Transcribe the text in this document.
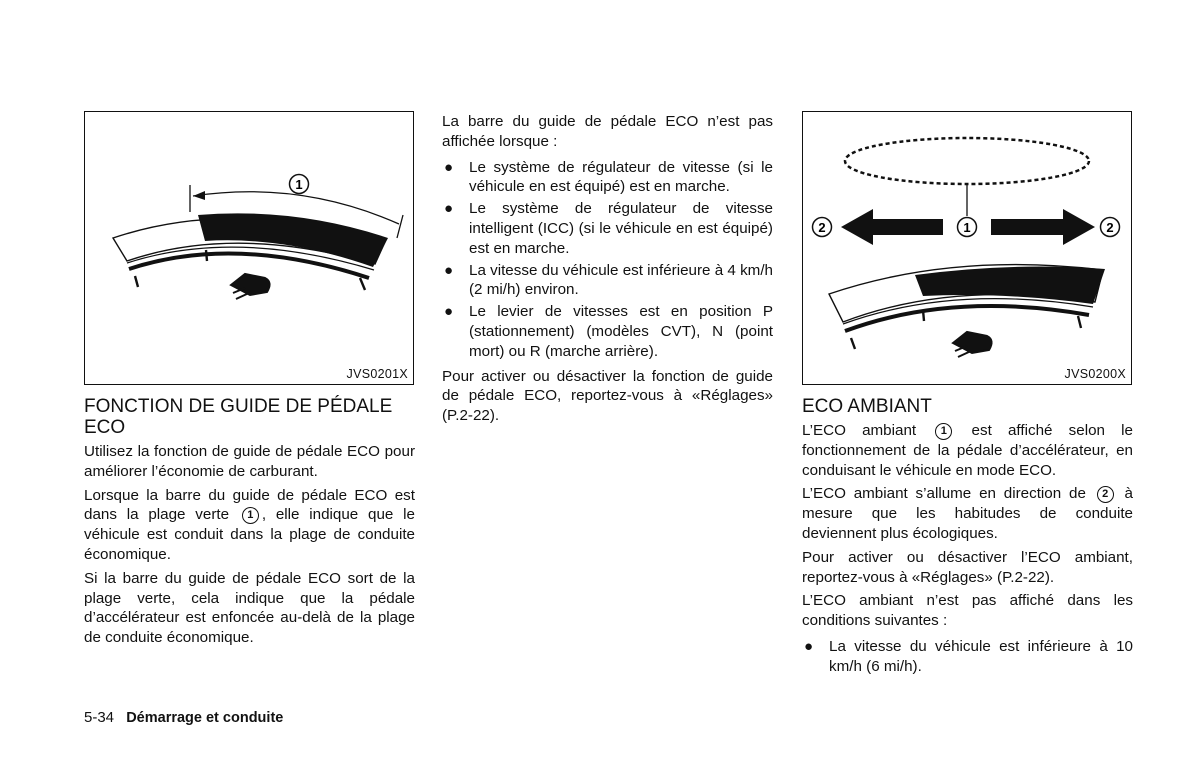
1
JVS0201X
FONCTION DE GUIDE DE PÉDALE ECO

Utilisez la fonction de guide de pédale ECO pour améliorer l’économie de carburant.

Lorsque la barre du guide de pédale ECO est dans la plage verte 1 , elle indique que le véhicule est conduit dans la plage de conduite économique.

Si la barre du guide de pédale ECO sort de la plage verte, cela indique que la pédale d’accélérateur est enfoncée au-delà de la plage de conduite économique.

La barre du guide de pédale ECO n’est pas affichée lorsque :

● Le système de régulateur de vitesse (si le véhicule en est équipé) est en marche.
● Le système de régulateur de vitesse intelligent (ICC) (si le véhicule en est équipé) est en marche.
● La vitesse du véhicule est inférieure à 4 km/h (2 mi/h) environ.
● Le levier de vitesses est en position P (stationnement) (modèles CVT), N (point mort) ou R (marche arrière).

Pour activer ou désactiver la fonction de guide de pédale ECO, reportez-vous à «Réglages» (P.2-22).

1
2	2
JVS0200X
ECO AMBIANT

L’ECO ambiant 1 est affiché selon le fonctionnement de la pédale d’accélérateur, en conduisant le véhicule en mode ECO.

L’ECO ambiant s’allume en direction de 2 à mesure que les habitudes de conduite deviennent plus écologiques.

Pour activer ou désactiver l’ECO ambiant, reportez-vous à «Réglages» (P.2-22).

L’ECO ambiant n’est pas affiché dans les conditions suivantes :

● La vitesse du véhicule est inférieure à 10 km/h (6 mi/h).
5-34 Démarrage et conduite
